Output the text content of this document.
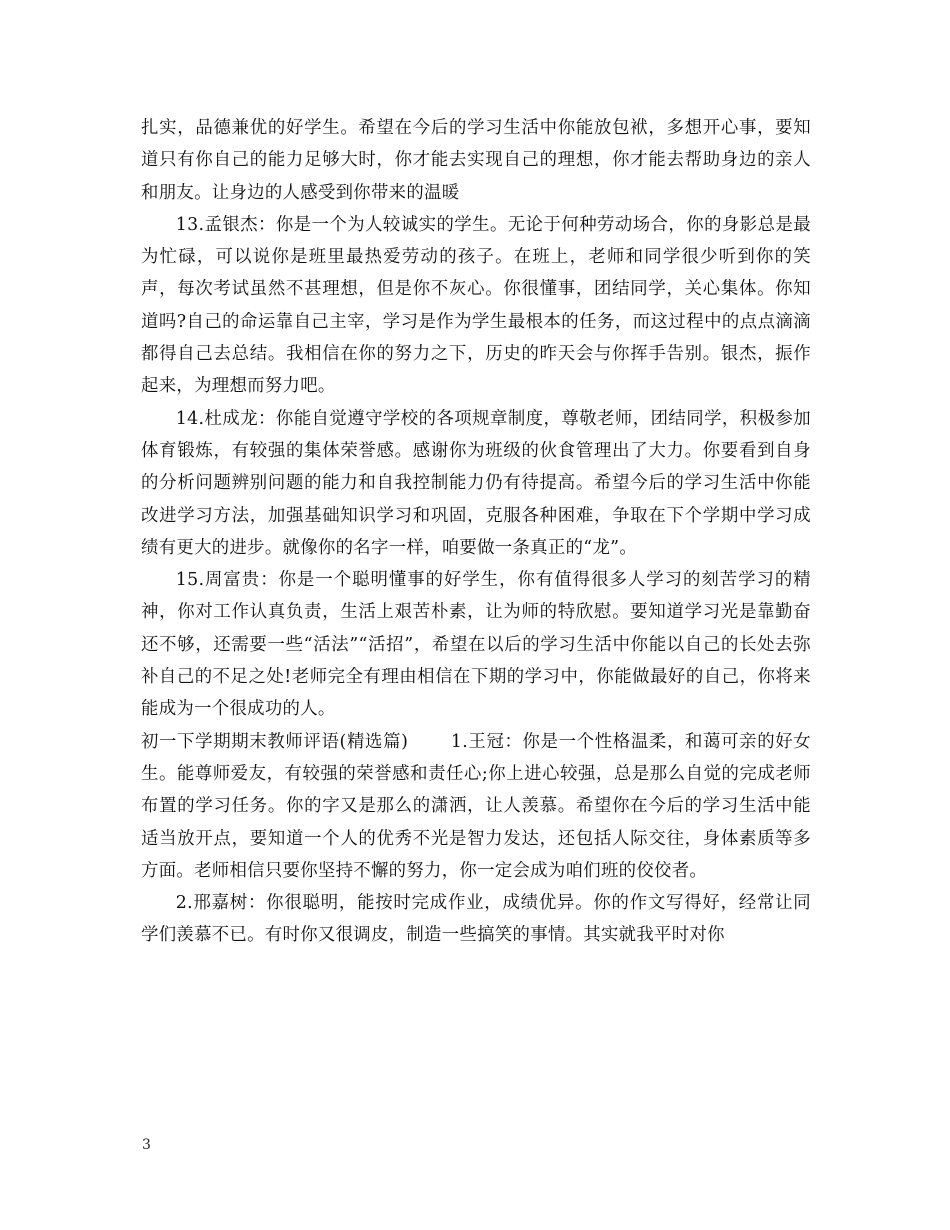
扎实，品德兼优的好学生。希望在今后的学习生活中你能放包袱，多想开心事，要知道只有你自己的能力足够大时，你才能去实现自己的理想，你才能去帮助身边的亲人和朋友。让身边的人感受到你带来的温暖

13.孟银杰：你是一个为人较诚实的学生。无论于何种劳动场合，你的身影总是最为忙碌，可以说你是班里最热爱劳动的孩子。在班上，老师和同学很少听到你的笑声，每次考试虽然不甚理想，但是你不灰心。你很懂事，团结同学，关心集体。你知道吗?自己的命运靠自己主宰，学习是作为学生最根本的任务，而这过程中的点点滴滴都得自己去总结。我相信在你的努力之下，历史的昨天会与你挥手告别。银杰，振作起来，为理想而努力吧。

14.杜成龙：你能自觉遵守学校的各项规章制度，尊敬老师，团结同学，积极参加体育锻炼，有较强的集体荣誉感。感谢你为班级的伙食管理出了大力。你要看到自身的分析问题辨别问题的能力和自我控制能力仍有待提高。希望今后的学习生活中你能改进学习方法，加强基础知识学习和巩固，克服各种困难，争取在下个学期中学习成绩有更大的进步。就像你的名字一样，咱要做一条真正的“龙”。

15.周富贵：你是一个聪明懂事的好学生，你有值得很多人学习的刻苦学习的精神，你对工作认真负责，生活上艰苦朴素，让为师的特欣慰。要知道学习光是靠勤奋还不够，还需要一些“活法”“活招”，希望在以后的学习生活中你能以自己的长处去弥补自己的不足之处!老师完全有理由相信在下期的学习中，你能做最好的自己，你将来能成为一个很成功的人。

初一下学期期末教师评语(精选篇)　　 1.王冠：你是一个性格温柔，和蔼可亲的好女生。能尊师爱友，有较强的荣誉感和责任心;你上进心较强，总是那么自觉的完成老师布置的学习任务。你的字又是那么的潇洒，让人羡慕。希望你在今后的学习生活中能适当放开点，要知道一个人的优秀不光是智力发达，还包括人际交往，身体素质等多方面。老师相信只要你坚持不懈的努力，你一定会成为咱们班的佼佼者。

2.邢嘉树：你很聪明，能按时完成作业，成绩优异。你的作文写得好，经常让同学们羡慕不已。有时你又很调皮，制造一些搞笑的事情。其实就我平时对你

3
